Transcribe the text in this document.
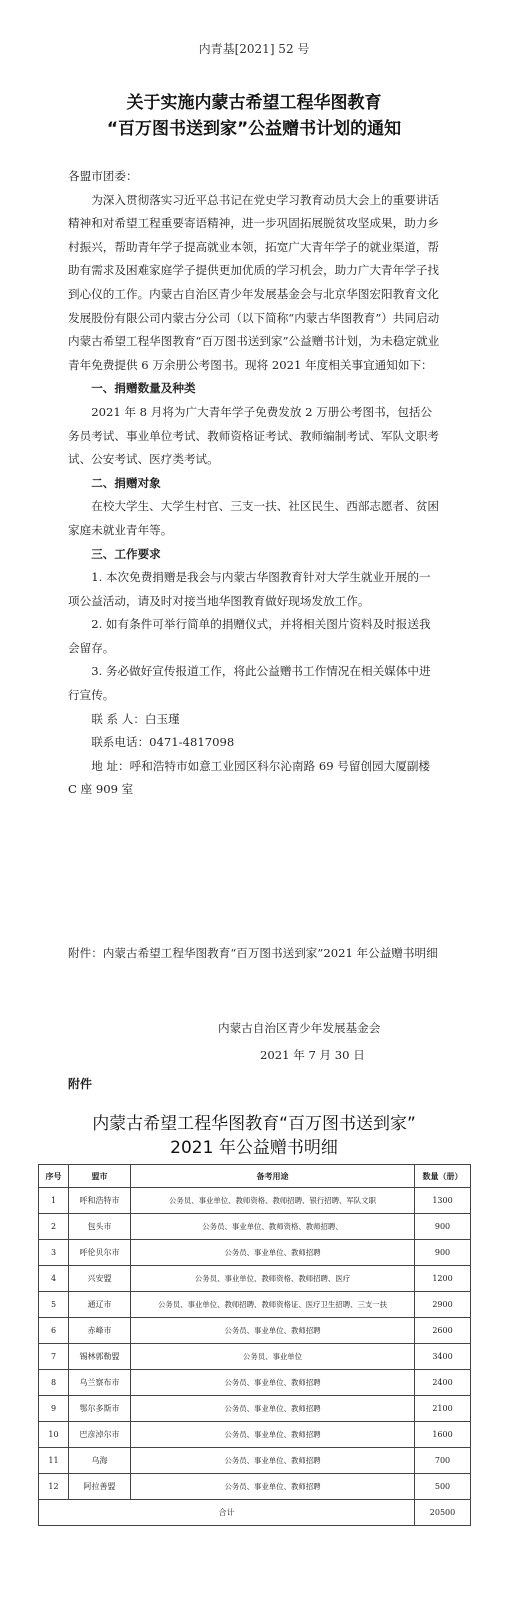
内青基[2021] 52 号
关于实施内蒙古希望工程华图教育
“百万图书送到家”公益赠书计划的通知

各盟市团委：

为深入贯彻落实习近平总书记在党史学习教育动员大会上的重要讲话精神和对希望工程重要寄语精神，进一步巩固拓展脱贫攻坚成果，助力乡村振兴，帮助青年学子提高就业本领，拓宽广大青年学子的就业渠道，帮助有需求及困难家庭学子提供更加优质的学习机会，助力广大青年学子找到心仪的工作。内蒙古自治区青少年发展基金会与北京华图宏阳教育文化发展股份有限公司内蒙古分公司（以下简称“内蒙古华图教育”）共同启动内蒙古希望工程华图教育“百万图书送到家”公益赠书计划，为未稳定就业青年免费提供 6 万余册公考图书。现将 2021 年度相关事宜通知如下：

一、捐赠数量及种类

2021 年 8 月将为广大青年学子免费发放 2 万册公考图书，包括公务员考试、事业单位考试、教师资格证考试、教师编制考试、军队文职考试、公安考试、医疗类考试。

二、捐赠对象

在校大学生、大学生村官、三支一扶、社区民生、西部志愿者、贫困家庭未就业青年等。

三、工作要求

1. 本次免费捐赠是我会与内蒙古华图教育针对大学生就业开展的一项公益活动，请及时对接当地华图教育做好现场发放工作。

2. 如有条件可举行简单的捐赠仪式，并将相关图片资料及时报送我会留存。

3. 务必做好宣传报道工作，将此公益赠书工作情况在相关媒体中进行宣传。

联 系 人：白玉瑾

联系电话：0471-4817098

地 址：呼和浩特市如意工业园区科尔沁南路 69 号留创园大厦副楼 C 座 909 室

附件：内蒙古希望工程华图教育“百万图书送到家”2021 年公益赠书明细

内蒙古自治区青少年发展基金会
2021 年 7 月 30 日
附件
内蒙古希望工程华图教育“百万图书送到家”
2021 年公益赠书明细
序号	盟市	备考用途	数量（册）
1	呼和浩特市	公务员、事业单位、教师资格、教师招聘、银行招聘、军队文职	1300
2	包头市	公务员、事业单位、教师资格、教师招聘、	900
3	呼伦贝尔市	公务员、事业单位、教师招聘	900
4	兴安盟	公务员、事业单位、教师资格、教师招聘、医疗	1200
5	通辽市	公务员、事业单位、教师招聘、教师资格证、医疗卫生招聘、三支一扶	2900
6	赤峰市	公务员、事业单位、教师招聘	2600
7	锡林郭勒盟	公务员、事业单位	3400
8	乌兰察布市	公务员、事业单位、教师招聘	2400
9	鄂尔多斯市	公务员、事业单位、教师招聘	2100
10	巴彦淖尔市	公务员、事业单位、教师招聘	1600
11	乌海	公务员、事业单位、教师招聘	700
12	阿拉善盟	公务员、事业单位、教师招聘	500
合计			20500
